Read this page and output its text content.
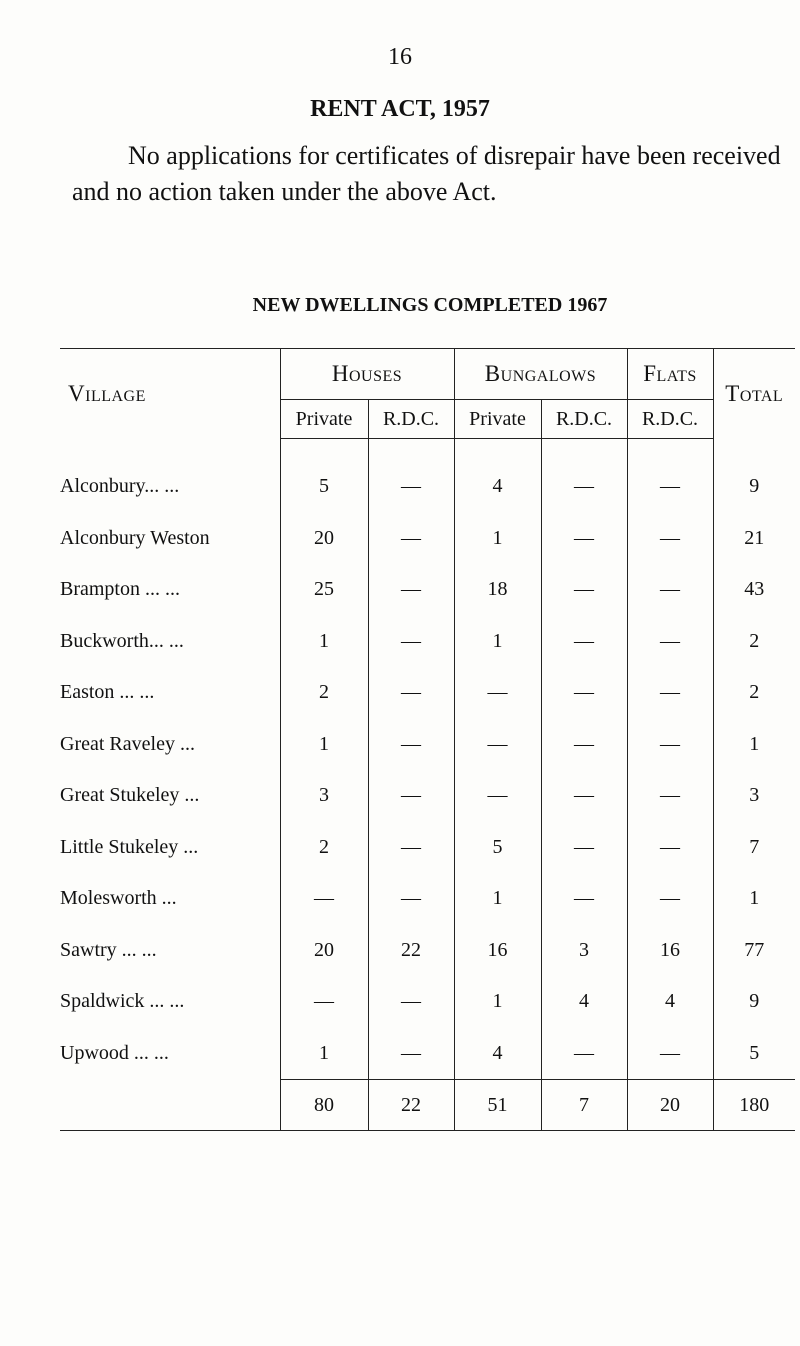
16
RENT ACT, 1957
No applications for certificates of disrepair have been received and no action taken under the above Act.
NEW DWELLINGS COMPLETED 1967
Village	Houses		Bungalows		Flats	Total
	Private	R.D.C.	Private	R.D.C.	R.D.C.	
Alconbury... ...	5	—	4	—	—	9
Alconbury Weston	20	—	1	—	—	21
Brampton ... ...	25	—	18	—	—	43
Buckworth... ...	1	—	1	—	—	2
Easton ... ...	2	—	—	—	—	2
Great Raveley ...	1	—	—	—	—	1
Great Stukeley ...	3	—	—	—	—	3
Little Stukeley ...	2	—	5	—	—	7
Molesworth ...	—	—	1	—	—	1
Sawtry ... ...	20	22	16	3	16	77
Spaldwick ... ...	—	—	1	4	4	9
Upwood ... ...	1	—	4	—	—	5
	80	22	51	7	20	180
